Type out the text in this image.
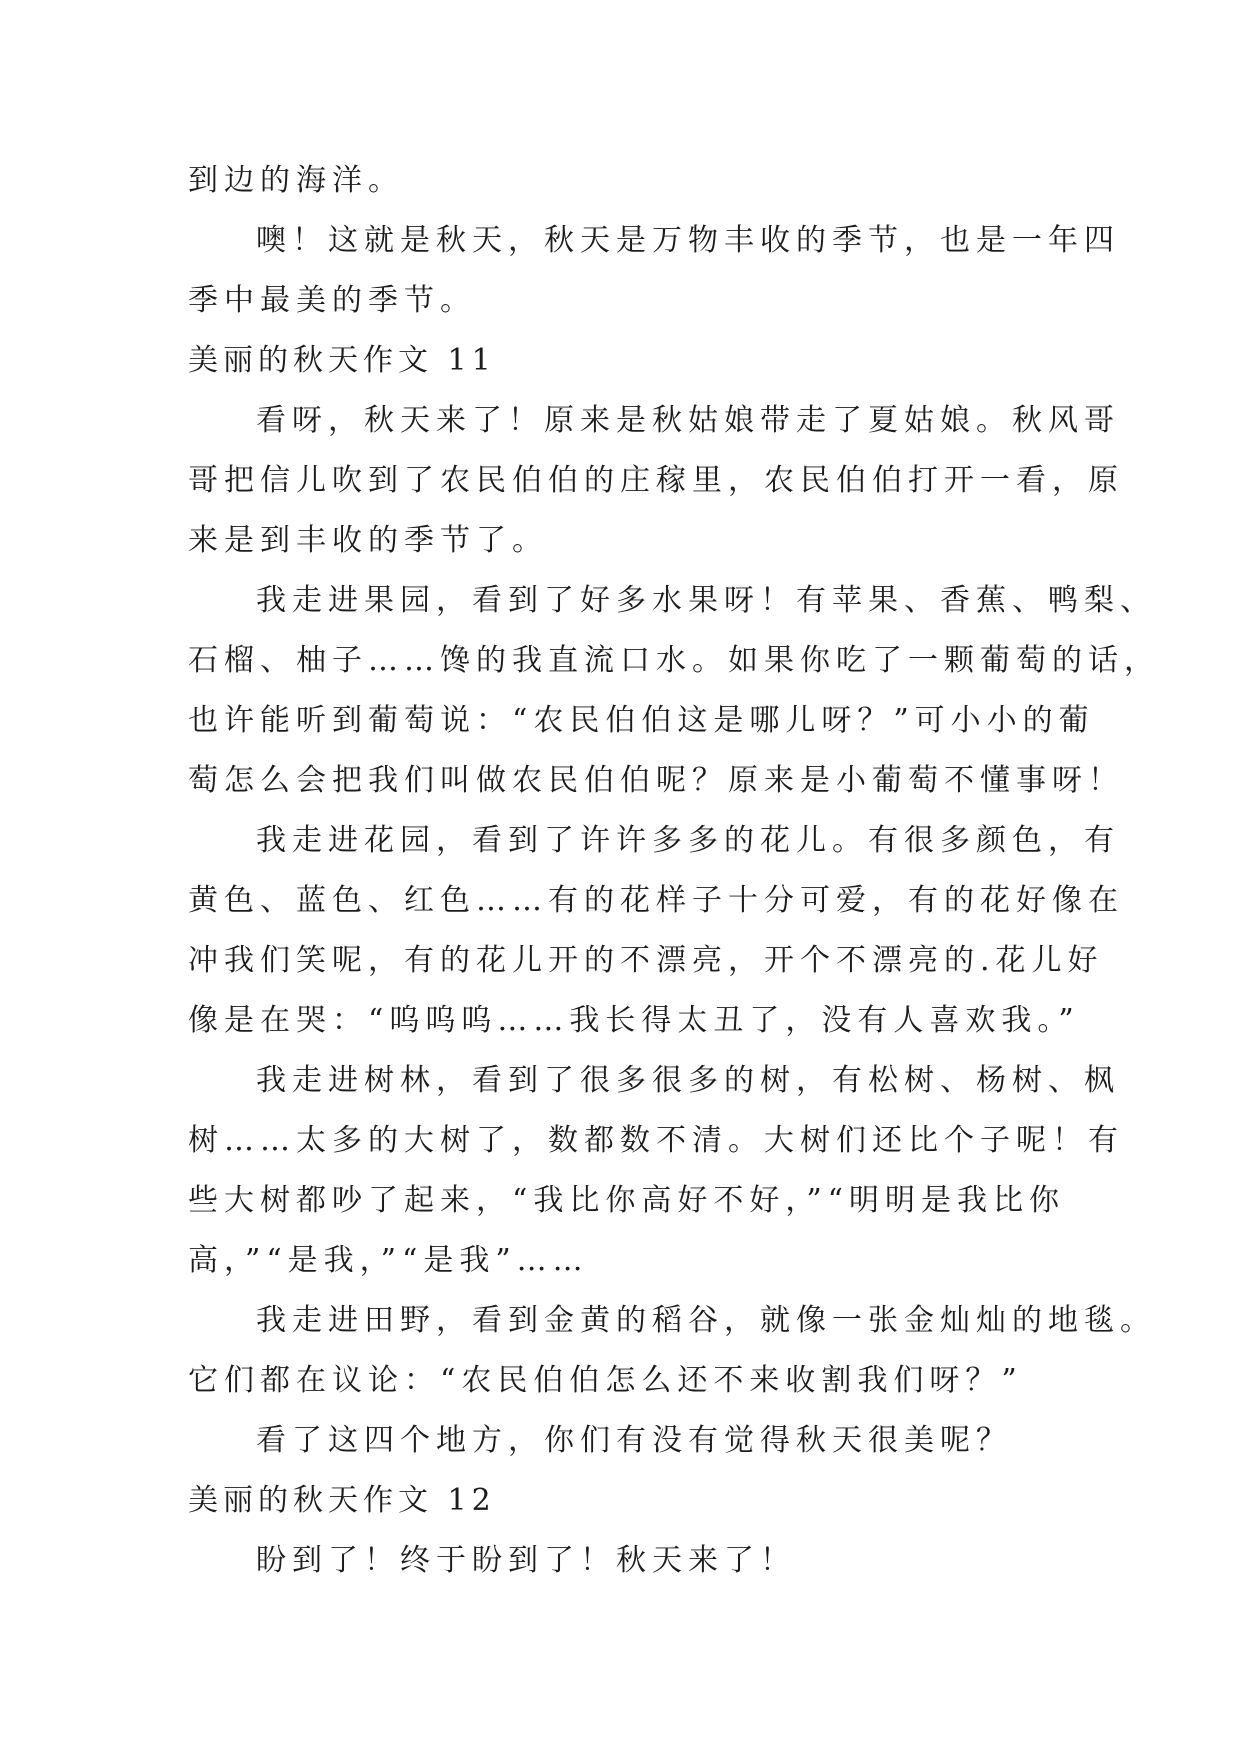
到边的海洋。
噢！这就是秋天，秋天是万物丰收的季节，也是一年四
季中最美的季节。
美丽的秋天作文 11
看呀，秋天来了！原来是秋姑娘带走了夏姑娘。秋风哥
哥把信儿吹到了农民伯伯的庄稼里，农民伯伯打开一看，原
来是到丰收的季节了。
我走进果园，看到了好多水果呀！有苹果、香蕉、鸭梨、
石榴、柚子……馋的我直流口水。如果你吃了一颗葡萄的话，
也许能听到葡萄说：“农民伯伯这是哪儿呀？”可小小的葡
萄怎么会把我们叫做农民伯伯呢？原来是小葡萄不懂事呀！
我走进花园，看到了许许多多的花儿。有很多颜色，有
黄色、蓝色、红色……有的花样子十分可爱，有的花好像在
冲我们笑呢，有的花儿开的不漂亮，开个不漂亮的.花儿好
像是在哭：“呜呜呜……我长得太丑了，没有人喜欢我。”
我走进树林，看到了很多很多的树，有松树、杨树、枫
树……太多的大树了，数都数不清。大树们还比个子呢！有
些大树都吵了起来，“我比你高好不好，”“明明是我比你
高，”“是我，”“是我”……
我走进田野，看到金黄的稻谷，就像一张金灿灿的地毯。
它们都在议论：“农民伯伯怎么还不来收割我们呀？”
看了这四个地方，你们有没有觉得秋天很美呢？
美丽的秋天作文 12
盼到了！终于盼到了！秋天来了！
